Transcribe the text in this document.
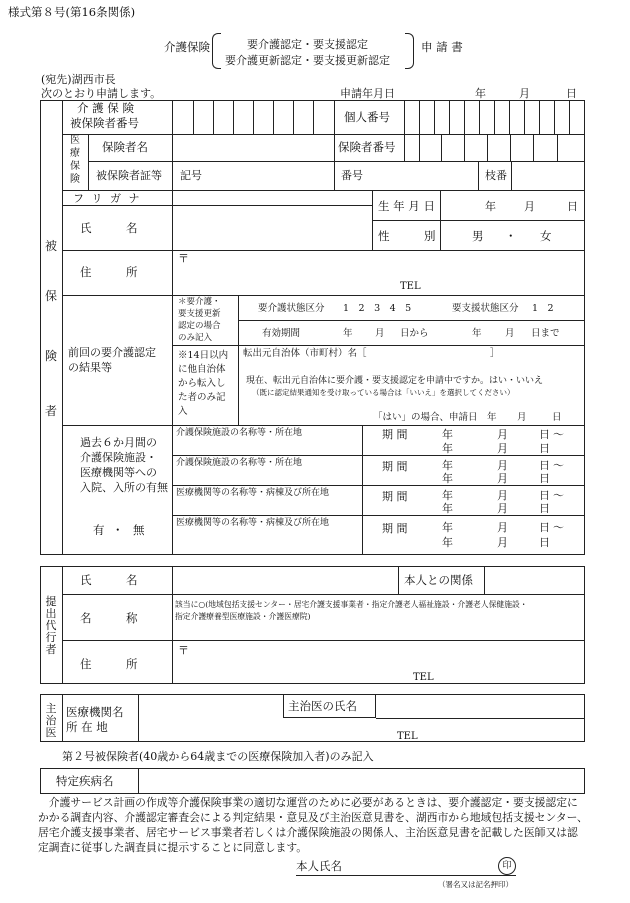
様式第８号(第16条関係)
介護保険	要介護認定・要支援認定
要介護更新認定・要支援更新認定
申 請 書
(宛先)湖西市長
次のとおり申請します。	申請年月日	年	月	日
被
保
険
者
介 護 保 険
被保険者番号	個人番号
医
療
保
険
保険者名	保険者番号
被保険者証等 記号	番号	枝番
フ リ ガ ナ
氏　　　名
生 年 月 日	年	月	日
性　　　別	男 ・ 女
住　　　所
〒
TEL
前回の要介護認定
の結果等
＊要介護・
要支援更新
認定の場合
のみ記入
要介護状態区分 1　2　3　4　5	要支援状態区分 1　2
有効期間	年 月 日から	年 月 日まで
※14日以内
に他自治体
から転入し
た者のみ記
入
転出元自治体（市町村）名［	］
現在、転出元自治体に要介護・要支援認定を申請中ですか。はい・いいえ
（既に認定結果通知を受け取っている場合は「いいえ」を選択してください）
「はい」の場合、申請日 年 月	日
過去６か月間の
介護保険施設・
医療機関等への
入院、入所の有無
有 ・ 無
介護保険施設の名称等・所在地	期 間	年	月	日 〜
年	月	日
介護保険施設の名称等・所在地	期 間	年	月	日 〜
年	月	日
医療機関等の名称等・病棟及び所在地	期 間	年	月	日 〜
年	月	日
医療機関等の名称等・病棟及び所在地	期 間	年	月	日 〜
年	月	日
提
出
代
行
者
氏　　　名	本人との関係
名　　　称
該当に○(地域包括支援センター・居宅介護支援事業者・指定介護老人福祉施設・介護老人保健施設・
指定介護療養型医療施設・介護医療院)
住　　　所
〒
TEL
主
治
医
医療機関名
所 在 地
主治医の氏名
TEL
第２号被保険者(40歳から64歳までの医療保険加入者)のみ記入
特定疾病名
　介護サービス計画の作成等介護保険事業の適切な運営のために必要があるときは、要介護認定・要支援認定に
かかる調査内容、介護認定審査会による判定結果・意見及び主治医意見書を、湖西市から地域包括支援センター、
居宅介護支援事業者、居宅サービス事業者若しくは介護保険施設の関係人、主治医意見書を記載した医師又は認
定調査に従事した調査員に提示することに同意します。
本人氏名	印
（署名又は記名押印）
